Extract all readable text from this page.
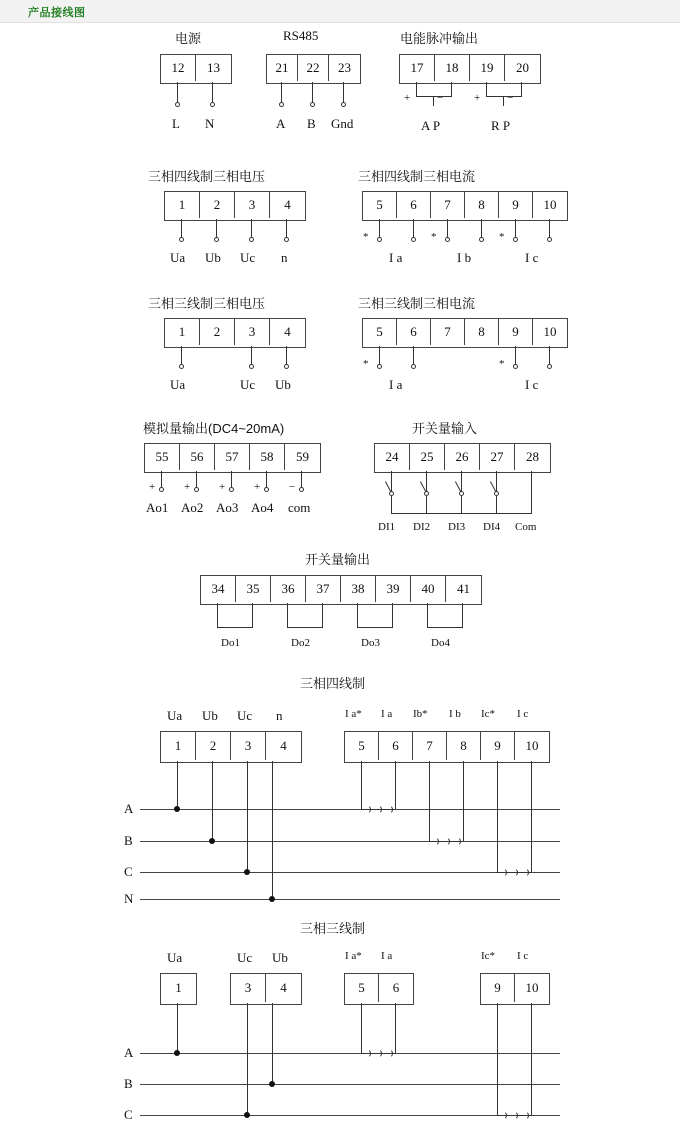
产品接线图
电源
12	13
L N
RS485
21	22	23
A B Gnd
电能脉冲输出
17	18	19	20
+ −	+ −
A P	R P
三相四线制三相电压
1	2	3	4
Ua Ub Uc n
三相四线制三相电流
5	6	7	8	9	10
*	*	*
I a	I b	I c
三相三线制三相电压
1	2	3	4
Ua	Uc Ub
三相三线制三相电流
5	6	7	8	9	10
*	*
I a	I c
模拟量输出(DC4~20mA)
55	56	57	58	59
+	+	+	+	−
Ao1 Ao2 Ao3 Ao4 com
开关量输入
24	25	26	27	28
DI1 DI2 DI3 DI4 Com
开关量输出
34	35	36	37	38	39	40	41
Do1	Do2	Do3	Do4
三相四线制
Ua Ub Uc n
1	2	3	4
I a* I a Ib* I b Ic* I c
5	6	7	8	9	10
A
B
C
N
三相三线制
Ua	Uc Ub
1	3	4
I a* I a	Ic* I c
5	6	9	10
A
B
C
